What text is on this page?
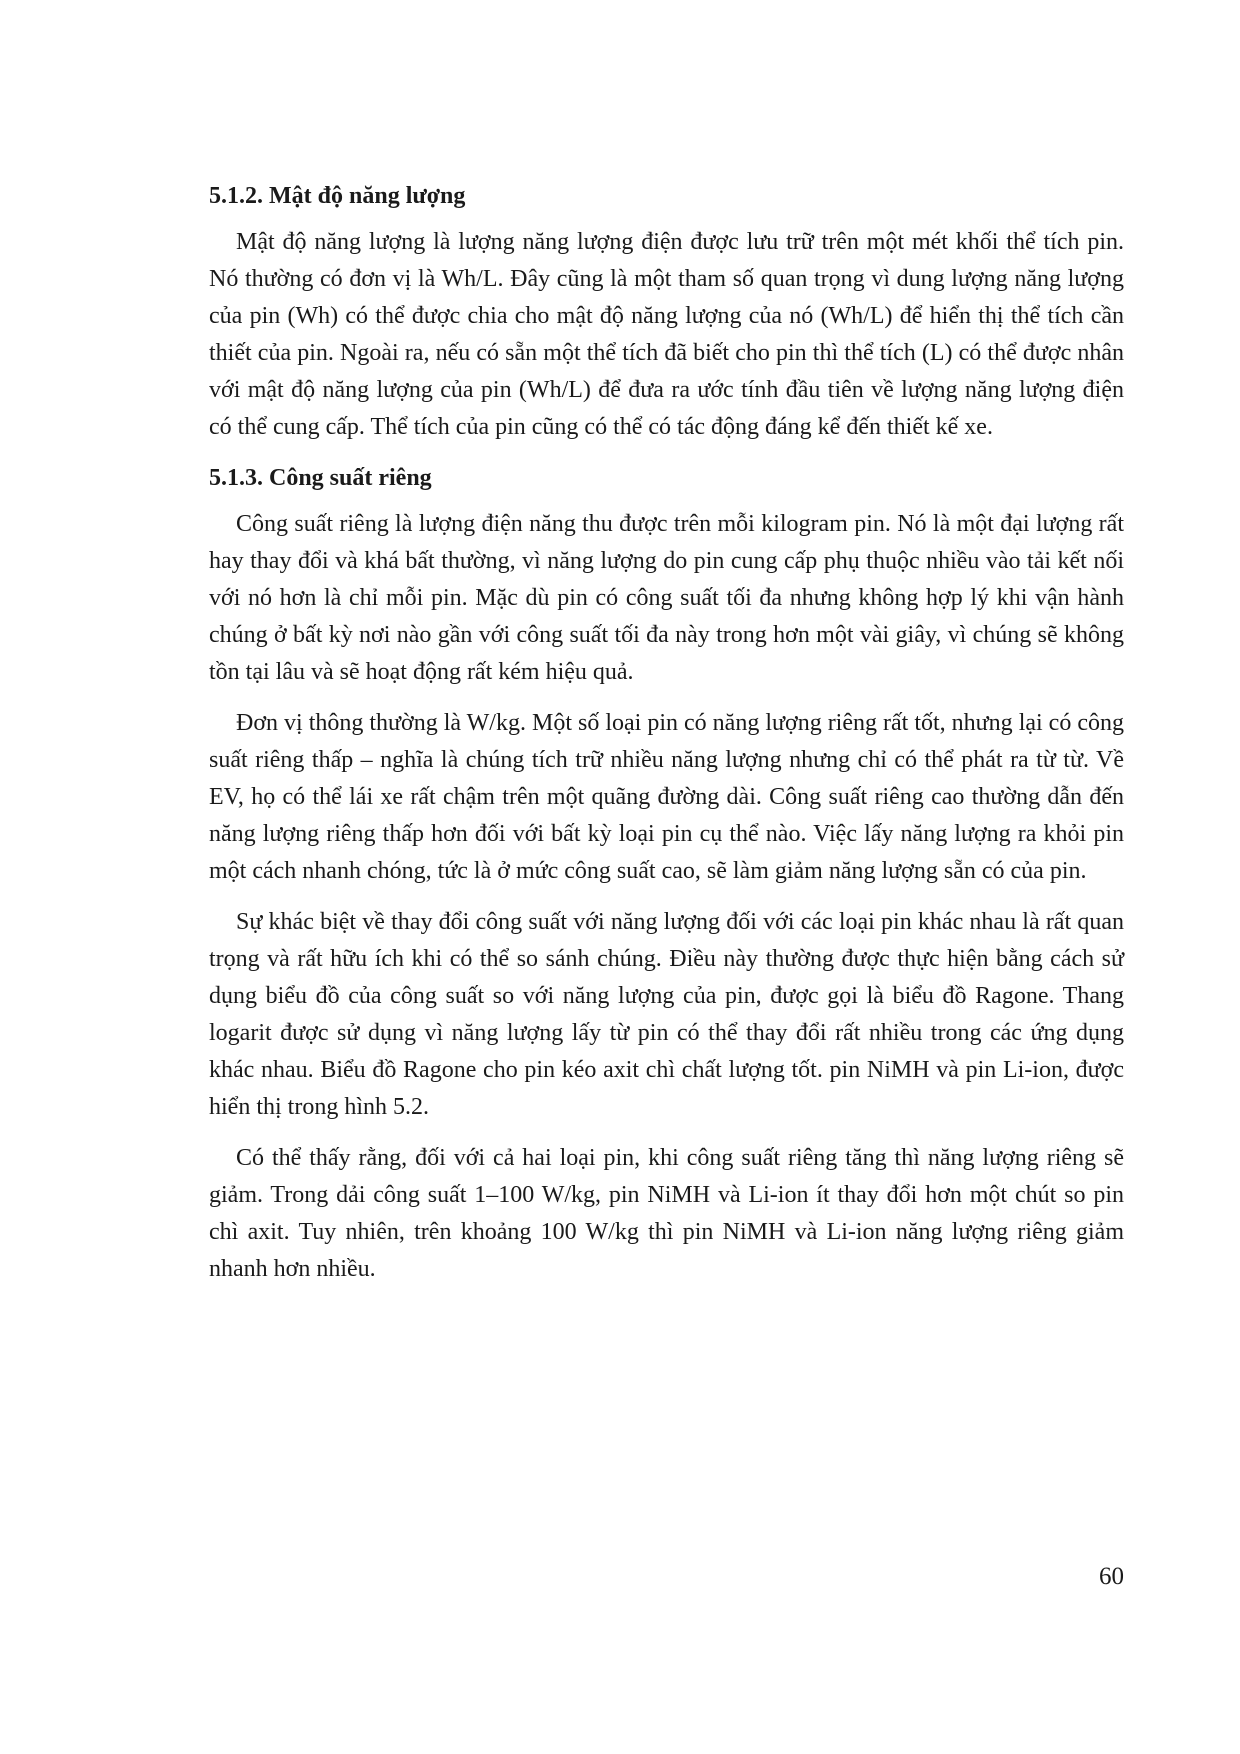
5.1.2. Mật độ năng lượng

Mật độ năng lượng là lượng năng lượng điện được lưu trữ trên một mét khối thể tích pin. Nó thường có đơn vị là Wh/L. Đây cũng là một tham số quan trọng vì dung lượng năng lượng của pin (Wh) có thể được chia cho mật độ năng lượng của nó (Wh/L) để hiển thị thể tích cần thiết của pin. Ngoài ra, nếu có sẵn một thể tích đã biết cho pin thì thể tích (L) có thể được nhân với mật độ năng lượng của pin (Wh/L) để đưa ra ước tính đầu tiên về lượng năng lượng điện có thể cung cấp. Thể tích của pin cũng có thể có tác động đáng kể đến thiết kế xe.

5.1.3. Công suất riêng

Công suất riêng là lượng điện năng thu được trên mỗi kilogram pin. Nó là một đại lượng rất hay thay đổi và khá bất thường, vì năng lượng do pin cung cấp phụ thuộc nhiều vào tải kết nối với nó hơn là chỉ mỗi pin. Mặc dù pin có công suất tối đa nhưng không hợp lý khi vận hành chúng ở bất kỳ nơi nào gần với công suất tối đa này trong hơn một vài giây, vì chúng sẽ không tồn tại lâu và sẽ hoạt động rất kém hiệu quả.

Đơn vị thông thường là W/kg. Một số loại pin có năng lượng riêng rất tốt, nhưng lại có công suất riêng thấp – nghĩa là chúng tích trữ nhiều năng lượng nhưng chỉ có thể phát ra từ từ. Về EV, họ có thể lái xe rất chậm trên một quãng đường dài. Công suất riêng cao thường dẫn đến năng lượng riêng thấp hơn đối với bất kỳ loại pin cụ thể nào. Việc lấy năng lượng ra khỏi pin một cách nhanh chóng, tức là ở mức công suất cao, sẽ làm giảm năng lượng sẵn có của pin.

Sự khác biệt về thay đổi công suất với năng lượng đối với các loại pin khác nhau là rất quan trọng và rất hữu ích khi có thể so sánh chúng. Điều này thường được thực hiện bằng cách sử dụng biểu đồ của công suất so với năng lượng của pin, được gọi là biểu đồ Ragone. Thang logarit được sử dụng vì năng lượng lấy từ pin có thể thay đổi rất nhiều trong các ứng dụng khác nhau. Biểu đồ Ragone cho pin kéo axit chì chất lượng tốt. pin NiMH và pin Li-ion, được hiển thị trong hình 5.2.

Có thể thấy rằng, đối với cả hai loại pin, khi công suất riêng tăng thì năng lượng riêng sẽ giảm. Trong dải công suất 1–100 W/kg, pin NiMH và Li-ion ít thay đổi hơn một chút so pin chì axit. Tuy nhiên, trên khoảng 100 W/kg thì pin NiMH và Li-ion năng lượng riêng giảm nhanh hơn nhiều.

60
